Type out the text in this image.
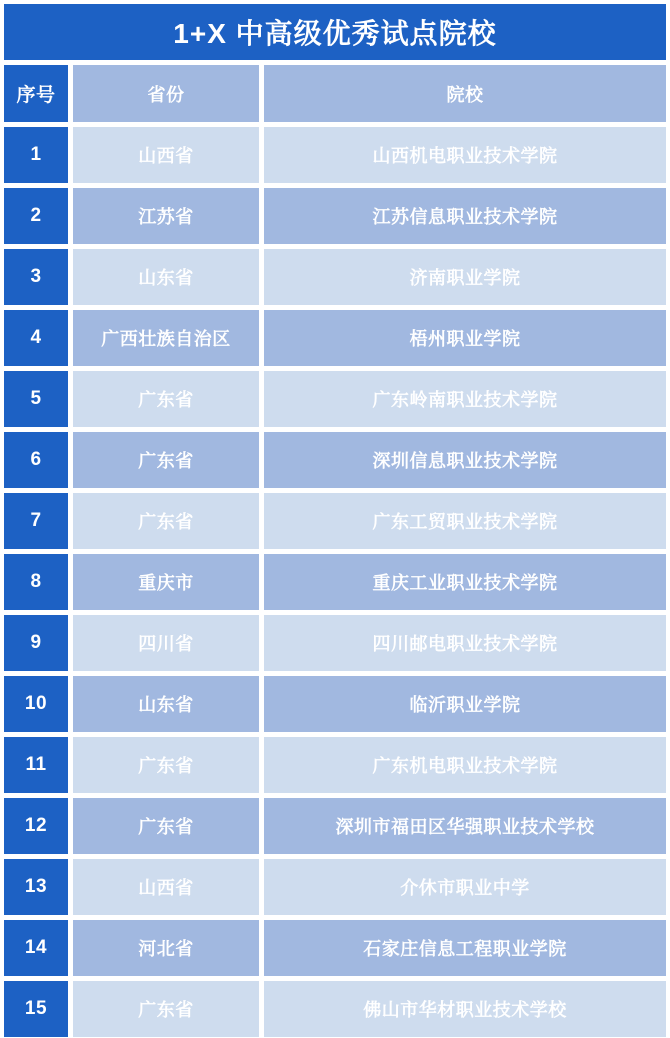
1+X 中高级优秀试点院校
序号	省份	院校
1	山西省	山西机电职业技术学院
2	江苏省	江苏信息职业技术学院
3	山东省	济南职业学院
4	广西壮族自治区	梧州职业学院
5	广东省	广东岭南职业技术学院
6	广东省	深圳信息职业技术学院
7	广东省	广东工贸职业技术学院
8	重庆市	重庆工业职业技术学院
9	四川省	四川邮电职业技术学院
10	山东省	临沂职业学院
11	广东省	广东机电职业技术学院
12	广东省	深圳市福田区华强职业技术学校
13	山西省	介休市职业中学
14	河北省	石家庄信息工程职业学院
15	广东省	佛山市华材职业技术学校
